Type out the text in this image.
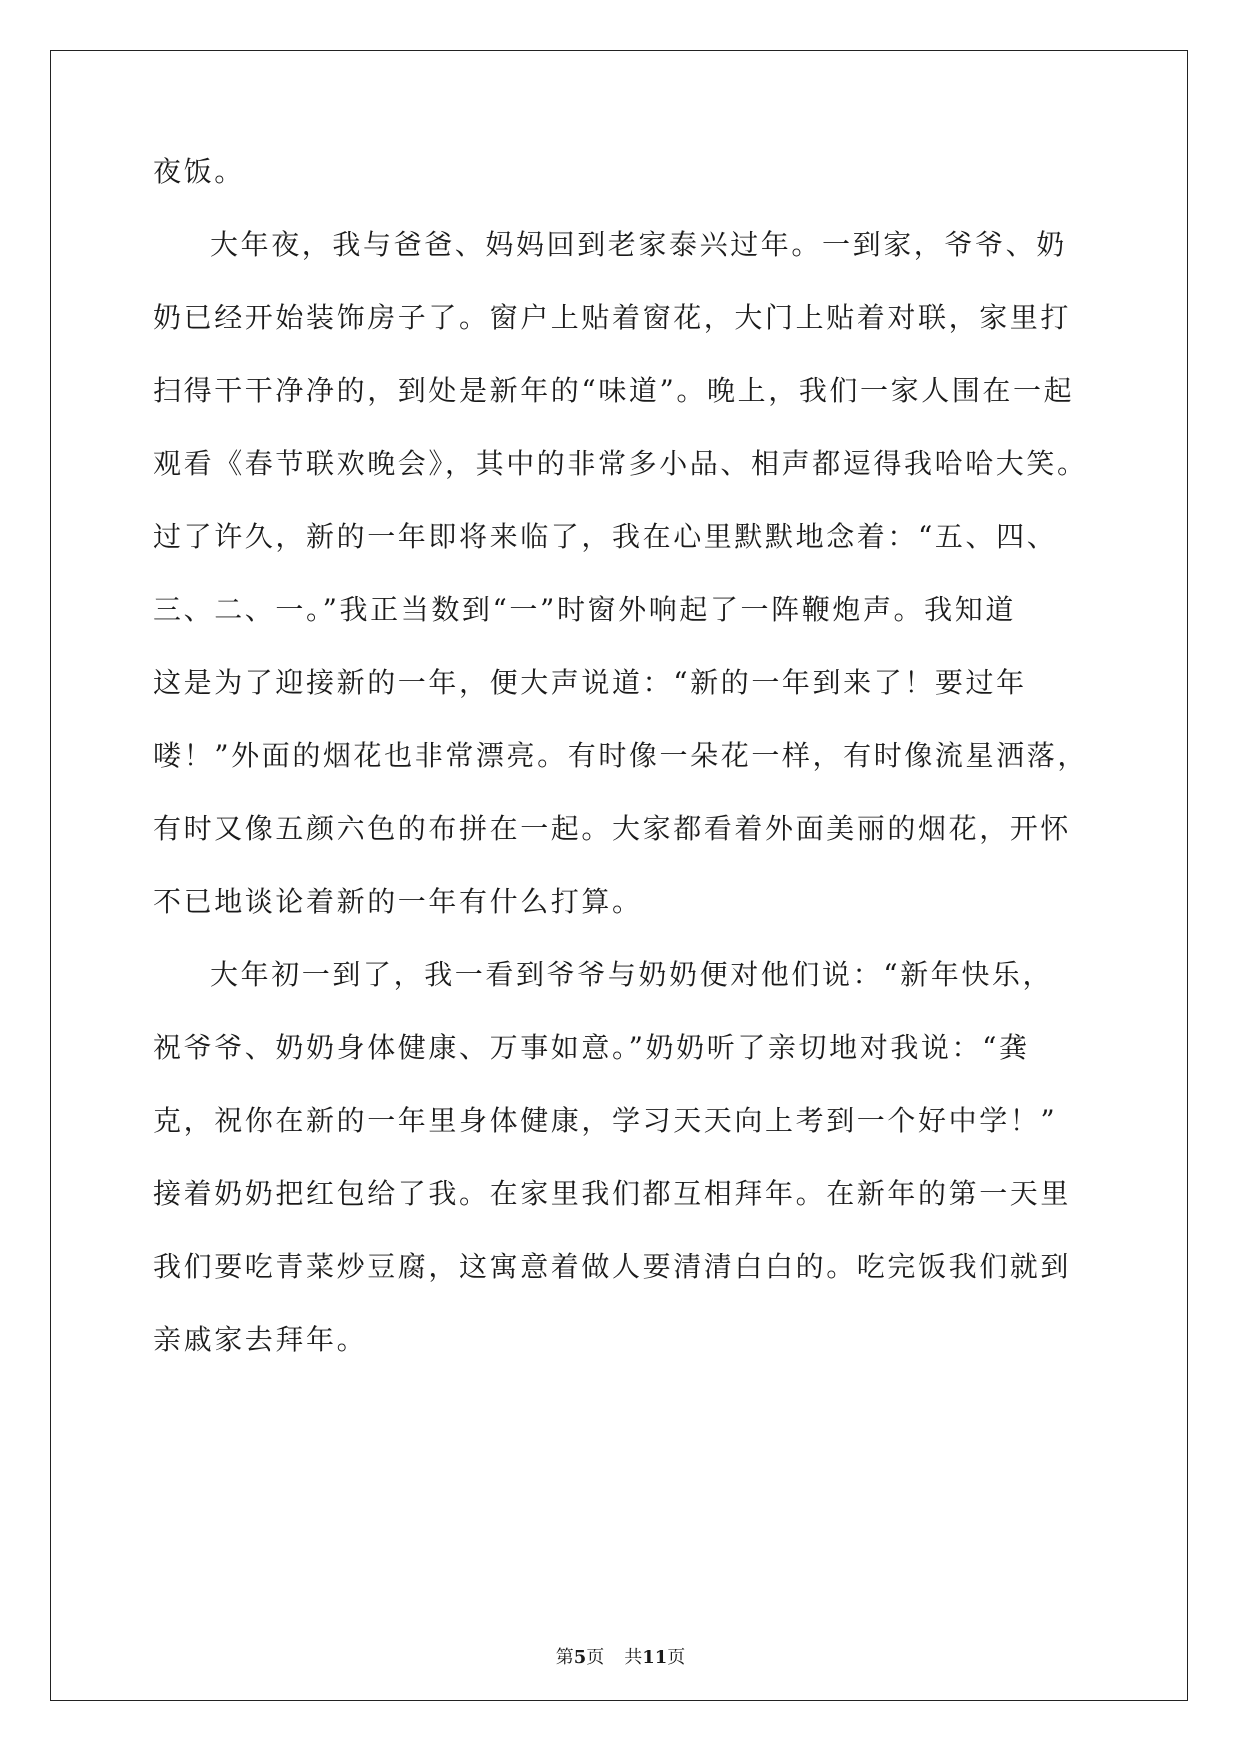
夜饭。
大年夜，我与爸爸、妈妈回到老家泰兴过年。一到家，爷爷、奶
奶已经开始装饰房子了。窗户上贴着窗花，大门上贴着对联，家里打
扫得干干净净的，到处是新年的“味道”。晚上，我们一家人围在一起
观看《春节联欢晚会》，其中的非常多小品、相声都逗得我哈哈大笑。
过了许久，新的一年即将来临了，我在心里默默地念着：“五、四、
三、二、一。”我正当数到“一”时窗外响起了一阵鞭炮声。我知道
这是为了迎接新的一年，便大声说道：“新的一年到来了！要过年
喽！”外面的烟花也非常漂亮。有时像一朵花一样，有时像流星洒落，
有时又像五颜六色的布拼在一起。大家都看着外面美丽的烟花，开怀
不已地谈论着新的一年有什么打算。
大年初一到了，我一看到爷爷与奶奶便对他们说：“新年快乐，
祝爷爷、奶奶身体健康、万事如意。”奶奶听了亲切地对我说：“龚
克，祝你在新的一年里身体健康，学习天天向上考到一个好中学！”
接着奶奶把红包给了我。在家里我们都互相拜年。在新年的第一天里
我们要吃青菜炒豆腐，这寓意着做人要清清白白的。吃完饭我们就到
亲戚家去拜年。
第5页 共11页
